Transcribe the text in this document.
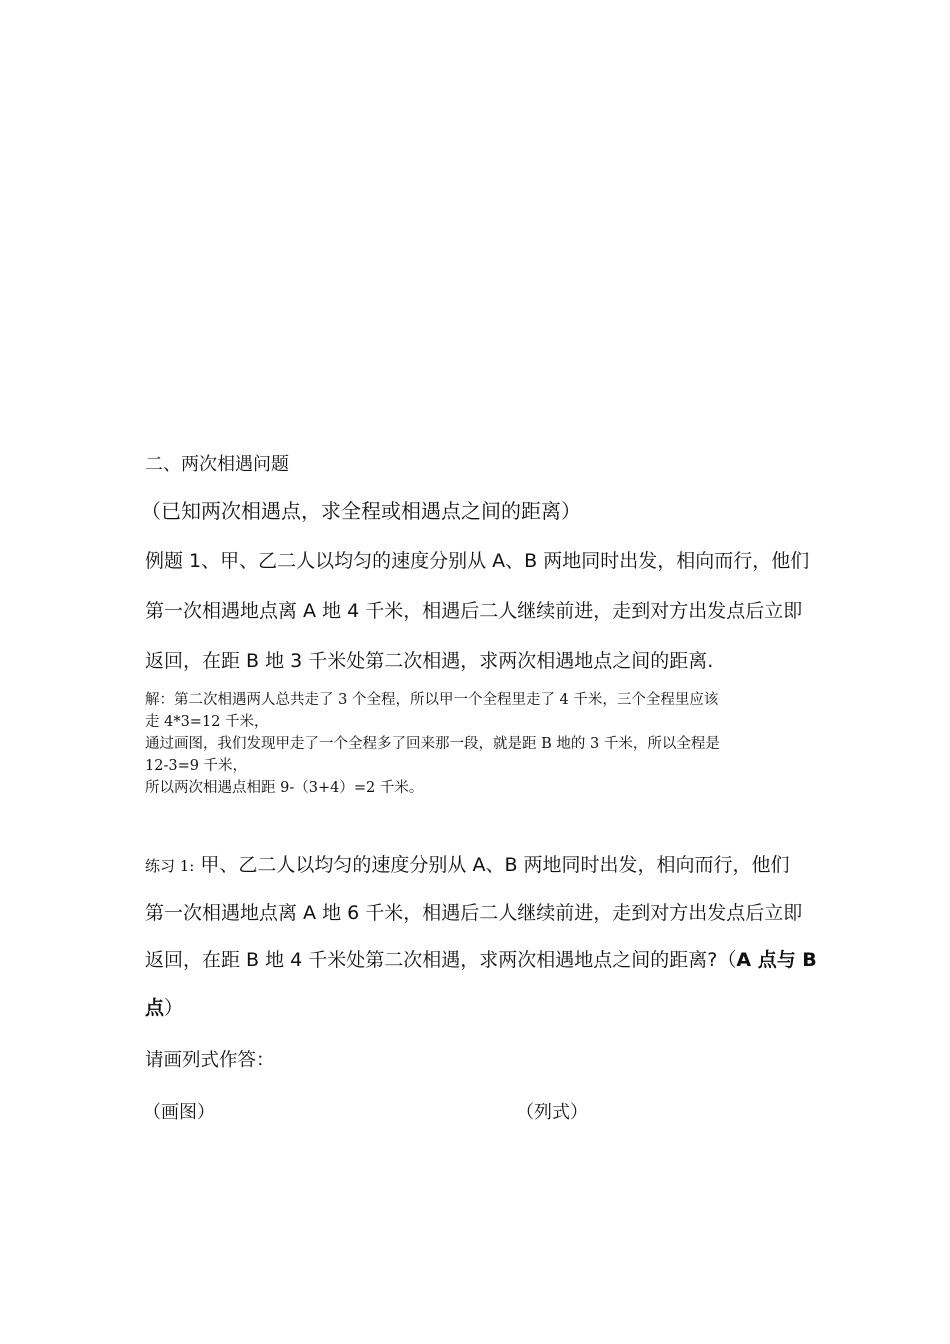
二、两次相遇问题
（已知两次相遇点，求全程或相遇点之间的距离）
例题 1、甲、乙二人以均匀的速度分别从 A、B 两地同时出发，相向而行，他们
第一次相遇地点离 A 地 4 千米，相遇后二人继续前进，走到对方出发点后立即
返回，在距 B 地 3 千米处第二次相遇，求两次相遇地点之间的距离.
解：第二次相遇两人总共走了 3 个全程，所以甲一个全程里走了 4 千米，三个全程里应该
走 4*3=12 千米，
通过画图，我们发现甲走了一个全程多了回来那一段，就是距 B 地的 3 千米，所以全程是
12-3=9 千米，
所以两次相遇点相距 9-（3+4）=2 千米。
练习 1: 甲、乙二人以均匀的速度分别从 A、B 两地同时出发，相向而行，他们
第一次相遇地点离 A 地 6 千米，相遇后二人继续前进，走到对方出发点后立即
返回，在距 B 地 4 千米处第二次相遇，求两次相遇地点之间的距离?（A 点与 B
点）
请画列式作答：
（画图）	（列式）
